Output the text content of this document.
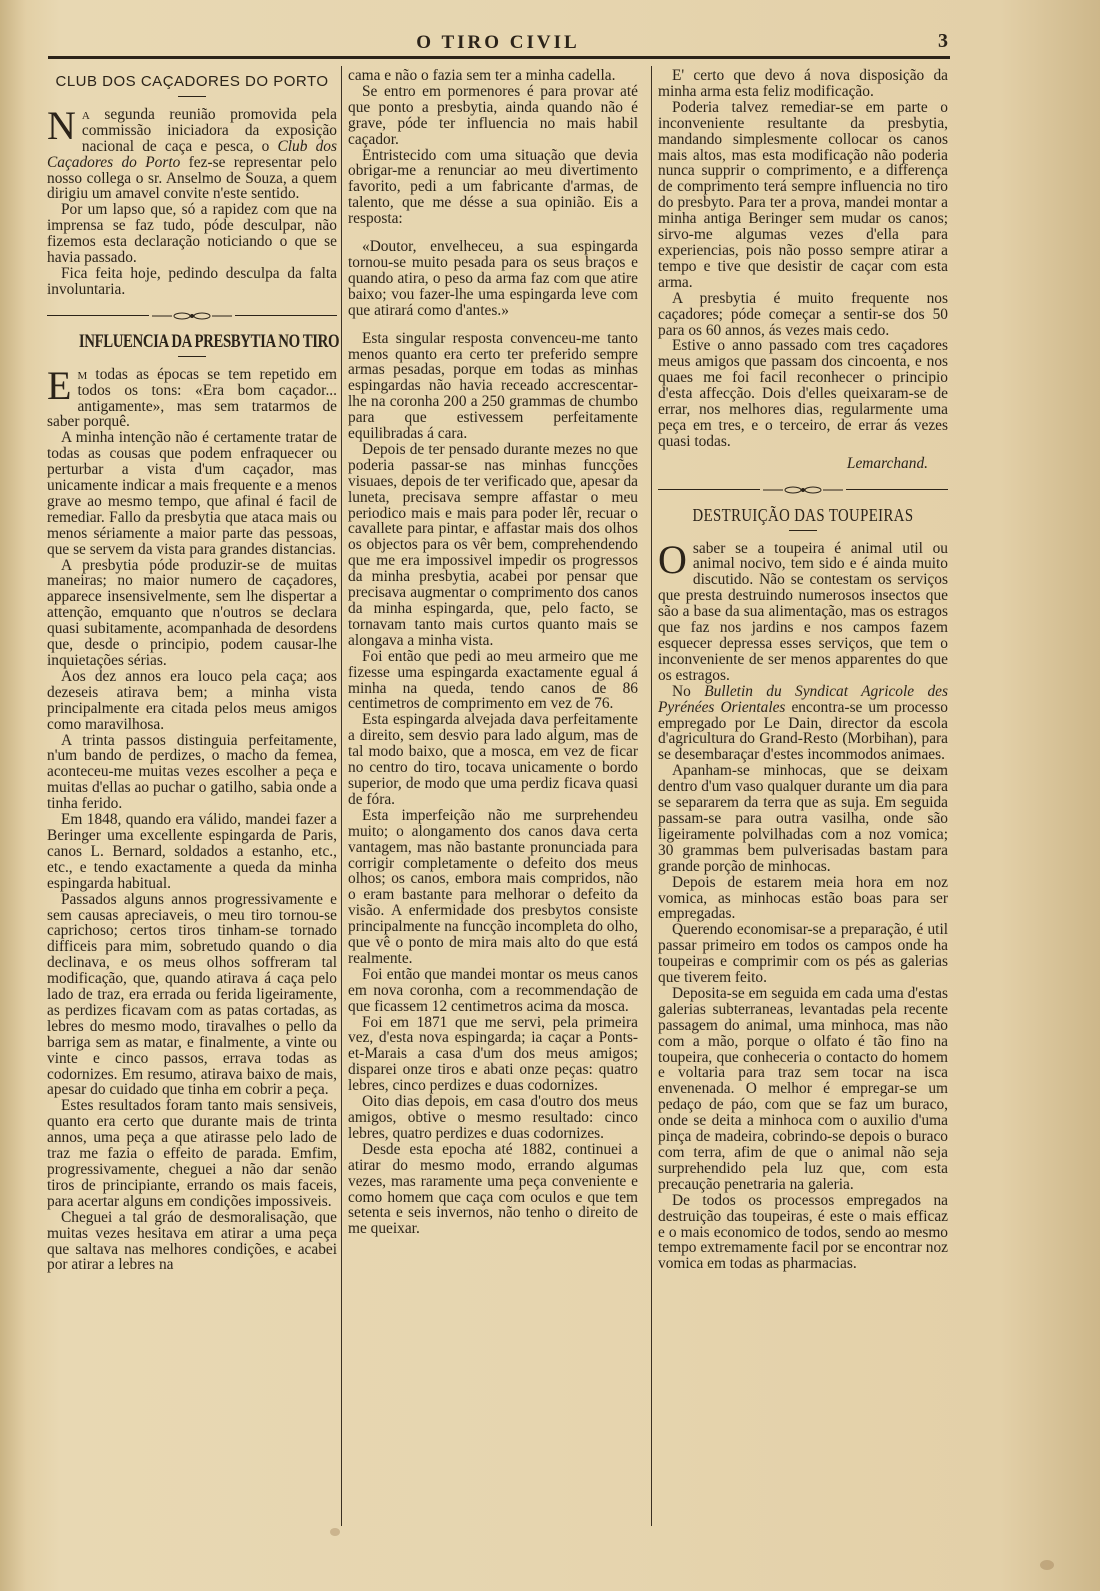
O TIRO CIVIL	3
CLUB DOS CAÇADORES DO PORTO

Na segunda reunião promovida pela commissão iniciadora da exposição nacional de caça e pesca, o Club dos Caçadores do Porto fez-se representar pelo nosso collega o sr. Anselmo de Souza, a quem dirigiu um amavel convite n'este sentido.

Por um lapso que, só a rapidez com que na imprensa se faz tudo, póde desculpar, não fizemos esta declaração noticiando o que se havia passado.

Fica feita hoje, pedindo desculpa da falta involuntaria.

INFLUENCIA DA PRESBYTIA NO TIRO

Em todas as épocas se tem repetido em todos os tons: «Era bom caçador... antigamente», mas sem tratarmos de saber porquê.

A minha intenção não é certamente tratar de todas as cousas que podem enfraquecer ou perturbar a vista d'um caçador, mas unicamente indicar a mais frequente e a menos grave ao mesmo tempo, que afinal é facil de remediar. Fallo da presbytia que ataca mais ou menos sériamente a maior parte das pessoas, que se servem da vista para grandes distancias.

A presbytia póde produzir-se de muitas maneiras; no maior numero de caçadores, apparece insensivelmente, sem lhe dispertar a attenção, emquanto que n'outros se declara quasi subitamente, acompanhada de desordens que, desde o principio, podem causar-lhe inquietações sérias.

Aos dez annos era louco pela caça; aos dezeseis atirava bem; a minha vista principalmente era citada pelos meus amigos como maravilhosa.

A trinta passos distinguia perfeitamente, n'um bando de perdizes, o macho da femea, aconteceu-me muitas vezes escolher a peça e muitas d'ellas ao puchar o gatilho, sabia onde a tinha ferido.

Em 1848, quando era válido, mandei fazer a Beringer uma excellente espingarda de Paris, canos L. Bernard, soldados a estanho, etc., etc., e tendo exactamente a queda da minha espingarda habitual.

Passados alguns annos progressivamente e sem causas apreciaveis, o meu tiro tornou-se caprichoso; certos tiros tinham-se tornado difficeis para mim, sobretudo quando o dia declinava, e os meus olhos soffreram tal modificação, que, quando atirava á caça pelo lado de traz, era errada ou ferida ligeiramente, as perdizes ficavam com as patas cortadas, as lebres do mesmo modo, tiravalhes o pello da barriga sem as matar, e finalmente, a vinte ou vinte e cinco passos, errava todas as codornizes. Em resumo, atirava baixo de mais, apesar do cuidado que tinha em cobrir a peça.

Estes resultados foram tanto mais sensiveis, quanto era certo que durante mais de trinta annos, uma peça a que atirasse pelo lado de traz me fazia o effeito de parada. Emfim, progressivamente, cheguei a não dar senão tiros de principiante, errando os mais faceis, para acertar alguns em condições impossiveis.

Cheguei a tal gráo de desmoralisação, que muitas vezes hesitava em atirar a uma peça que saltava nas melhores condições, e acabei por atirar a lebres na

cama e não o fazia sem ter a minha cadella.

Se entro em pormenores é para provar até que ponto a presbytia, ainda quando não é grave, póde ter influencia no mais habil caçador.

Entristecido com uma situação que devia obrigar-me a renunciar ao meu divertimento favorito, pedi a um fabricante d'armas, de talento, que me désse a sua opinião. Eis a resposta:

«Doutor, envelheceu, a sua espingarda tornou-se muito pesada para os seus braços e quando atira, o peso da arma faz com que atire baixo; vou fazer-lhe uma espingarda leve com que atirará como d'antes.»

Esta singular resposta convenceu-me tanto menos quanto era certo ter preferido sempre armas pesadas, porque em todas as minhas espingardas não havia receado accrescentar-lhe na coronha 200 a 250 grammas de chumbo para que estivessem perfeitamente equilibradas á cara.

Depois de ter pensado durante mezes no que poderia passar-se nas minhas funcções visuaes, depois de ter verificado que, apesar da luneta, precisava sempre affastar o meu periodico mais e mais para poder lêr, recuar o cavallete para pintar, e affastar mais dos olhos os objectos para os vêr bem, comprehendendo que me era impossivel impedir os progressos da minha presbytia, acabei por pensar que precisava augmentar o comprimento dos canos da minha espingarda, que, pelo facto, se tornavam tanto mais curtos quanto mais se alongava a minha vista.

Foi então que pedi ao meu armeiro que me fizesse uma espingarda exactamente egual á minha na queda, tendo canos de 86 centimetros de comprimento em vez de 76.

Esta espingarda alvejada dava perfeitamente a direito, sem desvio para lado algum, mas de tal modo baixo, que a mosca, em vez de ficar no centro do tiro, tocava unicamente o bordo superior, de modo que uma perdiz ficava quasi de fóra.

Esta imperfeição não me surprehendeu muito; o alongamento dos canos dava certa vantagem, mas não bastante pronunciada para corrigir completamente o defeito dos meus olhos; os canos, embora mais compridos, não o eram bastante para melhorar o defeito da visão. A enfermidade dos presbytos consiste principalmente na funcção incompleta do olho, que vê o ponto de mira mais alto do que está realmente.

Foi então que mandei montar os meus canos em nova coronha, com a recommendação de que ficassem 12 centimetros acima da mosca.

Foi em 1871 que me servi, pela primeira vez, d'esta nova espingarda; ia caçar a Ponts-et-Marais a casa d'um dos meus amigos; disparei onze tiros e abati onze peças: quatro lebres, cinco perdizes e duas codornizes.

Oito dias depois, em casa d'outro dos meus amigos, obtive o mesmo resultado: cinco lebres, quatro perdizes e duas codornizes.

Desde esta epocha até 1882, continuei a atirar do mesmo modo, errando algumas vezes, mas raramente uma peça conveniente e como homem que caça com oculos e que tem setenta e seis invernos, não tenho o direito de me queixar.

E' certo que devo á nova disposição da minha arma esta feliz modificação.

Poderia talvez remediar-se em parte o inconveniente resultante da presbytia, mandando simplesmente collocar os canos mais altos, mas esta modificação não poderia nunca supprir o comprimento, e a differença de comprimento terá sempre influencia no tiro do presbyto. Para ter a prova, mandei montar a minha antiga Beringer sem mudar os canos; sirvo-me algumas vezes d'ella para experiencias, pois não posso sempre atirar a tempo e tive que desistir de caçar com esta arma.

A presbytia é muito frequente nos caçadores; póde começar a sentir-se dos 50 para os 60 annos, ás vezes mais cedo.

Estive o anno passado com tres caçadores meus amigos que passam dos cincoenta, e nos quaes me foi facil reconhecer o principio d'esta affecção. Dois d'elles queixaram-se de errar, nos melhores dias, regularmente uma peça em tres, e o terceiro, de errar ás vezes quasi todas.

Lemarchand.
DESTRUIÇÃO DAS TOUPEIRAS

O saber se a toupeira é animal util ou animal nocivo, tem sido e é ainda muito discutido. Não se contestam os serviços que presta destruindo numerosos insectos que são a base da sua alimentação, mas os estragos que faz nos jardins e nos campos fazem esquecer depressa esses serviços, que tem o inconveniente de ser menos apparentes do que os estragos.

No Bulletin du Syndicat Agricole des Pyrénées Orientales encontra-se um processo empregado por Le Dain, director da escola d'agricultura do Grand-Resto (Morbihan), para se desembaraçar d'estes incommodos animaes.

Apanham-se minhocas, que se deixam dentro d'um vaso qualquer durante um dia para se separarem da terra que as suja. Em seguida passam-se para outra vasilha, onde são ligeiramente polvilhadas com a noz vomica; 30 grammas bem pulverisadas bastam para grande porção de minhocas.

Depois de estarem meia hora em noz vomica, as minhocas estão boas para ser empregadas.

Querendo economisar-se a preparação, é util passar primeiro em todos os campos onde ha toupeiras e comprimir com os pés as galerias que tiverem feito.

Deposita-se em seguida em cada uma d'estas galerias subterraneas, levantadas pela recente passagem do animal, uma minhoca, mas não com a mão, porque o olfato é tão fino na toupeira, que conheceria o contacto do homem e voltaria para traz sem tocar na isca envenenada. O melhor é empregar-se um pedaço de páo, com que se faz um buraco, onde se deita a minhoca com o auxilio d'uma pinça de madeira, cobrindo-se depois o buraco com terra, afim de que o animal não seja surprehendido pela luz que, com esta precaução penetraria na galeria.

De todos os processos empregados na destruição das toupeiras, é este o mais efficaz e o mais economico de todos, sendo ao mesmo tempo extremamente facil por se encontrar noz vomica em todas as pharmacias.
